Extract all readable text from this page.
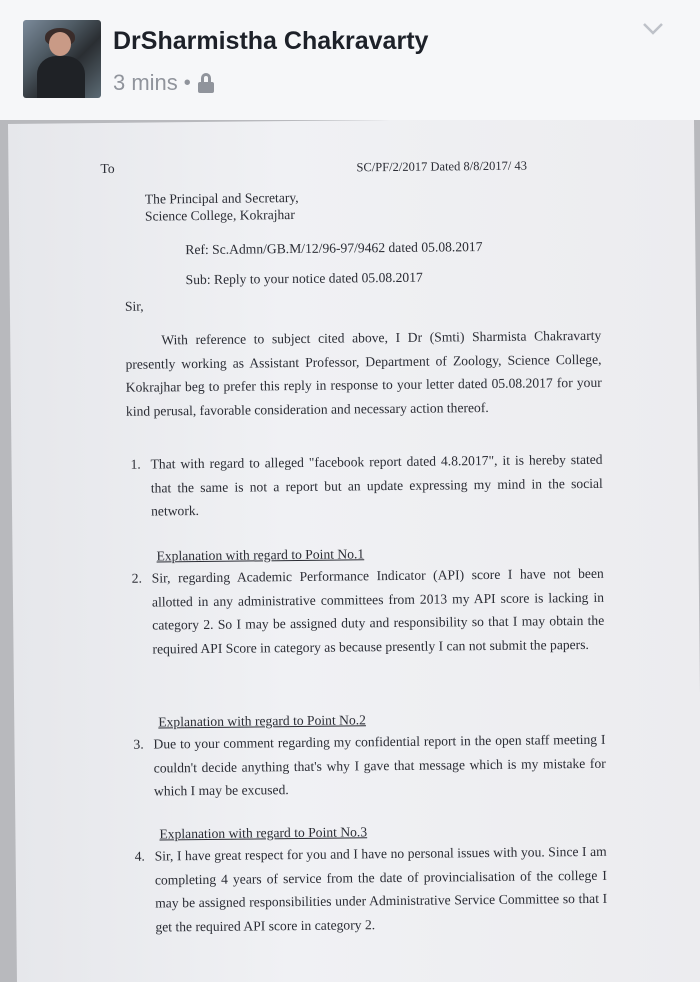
DrSharmistha Chakravarty
3 mins •
To	SC/PF/2/2017 Dated 8/8/2017/ 43
The Principal and Secretary,
Science College, Kokrajhar
Ref: Sc.Admn/GB.M/12/96-97/9462 dated 05.08.2017
Sub: Reply to your notice dated 05.08.2017
Sir,
With reference to subject cited above, I Dr (Smti) Sharmista Chakravarty presently working as Assistant Professor, Department of Zoology, Science College, Kokrajhar beg to prefer this reply in response to your letter dated 05.08.2017 for your kind perusal, favorable consideration and necessary action thereof.
1. That with regard to alleged "facebook report dated 4.8.2017", it is hereby stated that the same is not a report but an update expressing my mind in the social network.
Explanation with regard to Point No.1
2. Sir, regarding Academic Performance Indicator (API) score I have not been allotted in any administrative committees from 2013 my API score is lacking in category 2. So I may be assigned duty and responsibility so that I may obtain the required API Score in category as because presently I can not submit the papers.
Explanation with regard to Point No.2
3. Due to your comment regarding my confidential report in the open staff meeting I couldn't decide anything that's why I gave that message which is my mistake for which I may be excused.
Explanation with regard to Point No.3
4. Sir, I have great respect for you and I have no personal issues with you. Since I am completing 4 years of service from the date of provincialisation of the college I may be assigned responsibilities under Administrative Service Committee so that I get the required API score in category 2.
